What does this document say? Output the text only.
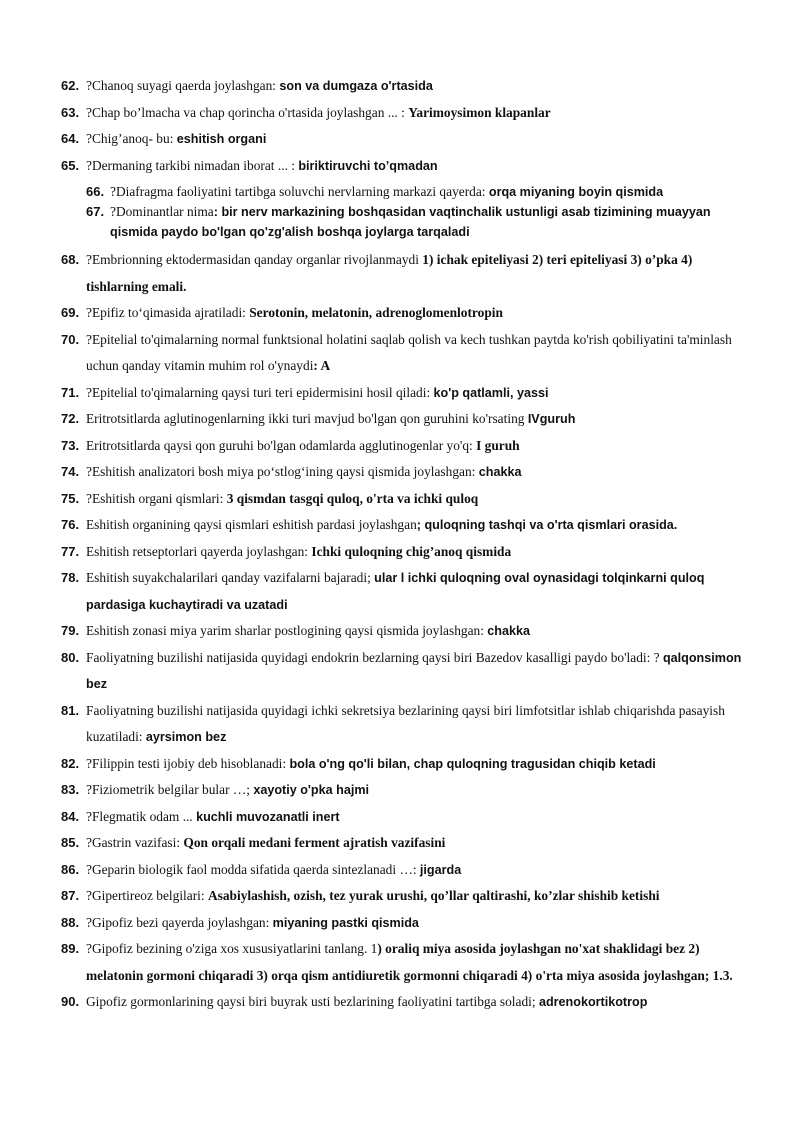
62. ?Chanoq suyagi qaerda joylashgan: son va dumgaza o'rtasida

63. ?Chap bo’lmacha va chap qorincha o'rtasida joylashgan ... : Yarimoysimon klapanlar

64. ?Chig’anoq- bu: eshitish organi

65. ?Dermaning tarkibi nimadan iborat ... : biriktiruvchi to’qmadan

66. ?Diafragma faoliyatini tartibga soluvchi nervlarning markazi qayerda: orqa miyaning boyin qismida

67. ?Dominantlar nima: bir nerv markazining boshqasidan vaqtinchalik ustunligi asab tizimining muayyan qismida paydo bo'lgan qo'zg'alish boshqa joylarga tarqaladi

68. ?Embrionning ektodermasidan qanday organlar rivojlanmaydi 1) ichak epiteliyasi 2) teri epiteliyasi 3) o’pka 4) tishlarning emali.

69. ?Epifiz to‘qimasida ajratiladi: Serotonin, melatonin, adrenoglomenlotropin

70. ?Epitelial to'qimalarning normal funktsional holatini saqlab qolish va kech tushkan paytda ko'rish qobiliyatini ta'minlash uchun qanday vitamin muhim rol o'ynaydi: A

71. ?Epitelial to'qimalarning qaysi turi teri epidermisini hosil qiladi: ko'p qatlamli, yassi

72. Eritrotsitlarda aglutinogenlarning ikki turi mavjud bo'lgan qon guruhini ko'rsating IVguruh

73. Eritrotsitlarda qaysi qon guruhi bo'lgan odamlarda agglutinogenlar yo'q: I guruh

74. ?Eshitish analizatori bosh miya po‘stlog‘ining qaysi qismida joylashgan: chakka

75. ?Eshitish organi qismlari: 3 qismdan tasgqi quloq, o'rta va ichki quloq

76. Eshitish organining qaysi qismlari eshitish pardasi joylashgan; quloqning tashqi va o'rta qismlari orasida.

77. Eshitish retseptorlari qayerda joylashgan: Ichki quloqning chig’anoq qismida

78. Eshitish suyakchalarilari qanday vazifalarni bajaradi; ular l ichki quloqning oval oynasidagi tolqinkarni quloq pardasiga kuchaytiradi va uzatadi

79. Eshitish zonasi miya yarim sharlar postlogining qaysi qismida joylashgan: chakka

80. Faoliyatning buzilishi natijasida quyidagi endokrin bezlarning qaysi biri Bazedov kasalligi paydo bo'ladi: ? qalqonsimon bez

81. Faoliyatning buzilishi natijasida quyidagi ichki sekretsiya bezlarining qaysi biri limfotsitlar ishlab chiqarishda pasayish kuzatiladi: ayrsimon bez

82. ?Filippin testi ijobiy deb hisoblanadi: bola o'ng qo'li bilan, chap quloqning tragusidan chiqib ketadi

83. ?Fiziometrik belgilar bular …; xayotiy o'pka hajmi

84. ?Flegmatik odam ... kuchli muvozanatli inert

85. ?Gastrin vazifasi: Qon orqali medani ferment ajratish vazifasini

86. ?Geparin biologik faol modda sifatida qaerda sintezlanadi …: jigarda

87. ?Gipertireoz belgilari: Asabiylashish, ozish, tez yurak urushi, qo’llar qaltirashi, ko’zlar shishib ketishi

88. ?Gipofiz bezi qayerda joylashgan: miyaning pastki qismida

89. ?Gipofiz bezining o'ziga xos xususiyatlarini tanlang. 1) oraliq miya asosida joylashgan no'xat shaklidagi bez 2) melatonin gormoni chiqaradi 3) orqa qism antidiuretik gormonni chiqaradi 4) o'rta miya asosida joylashgan; 1.3.

90. Gipofiz gormonlarining qaysi biri buyrak usti bezlarining faoliyatini tartibga soladi; adrenokortikotrop
